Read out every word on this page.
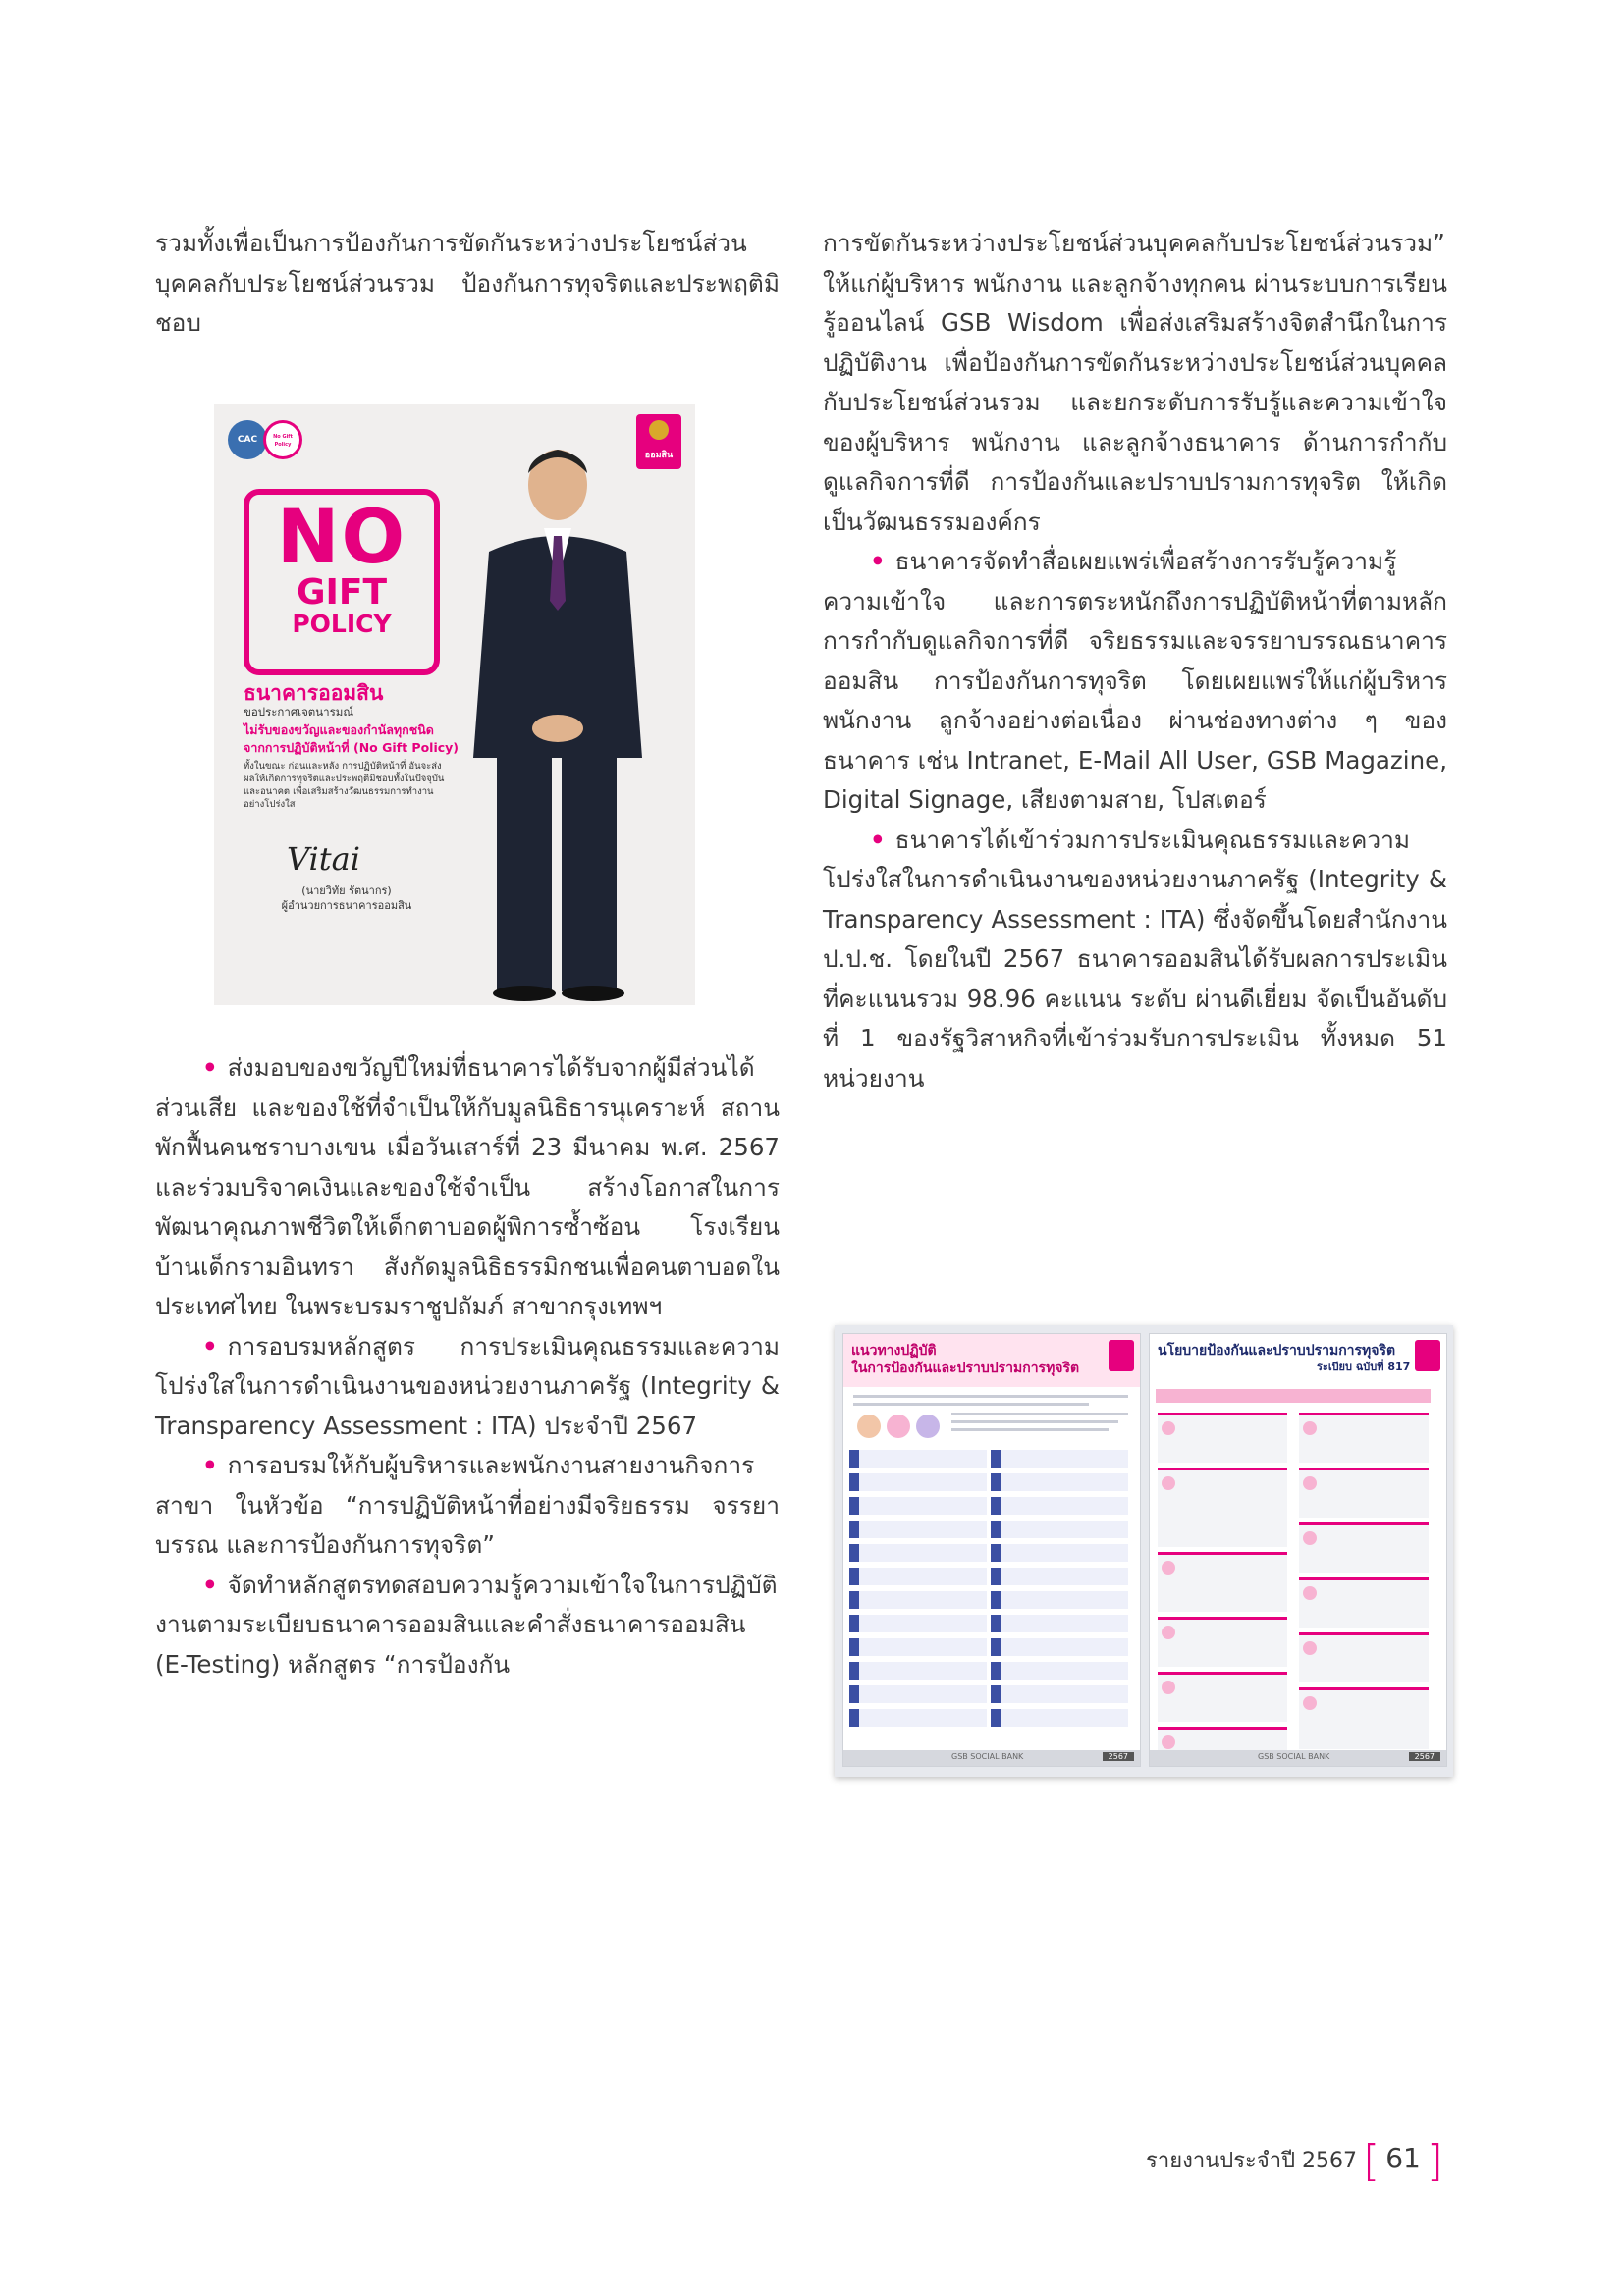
รวมทั้งเพื่อเป็นการป้องกันการขัดกันระหว่างประโยชน์ส่วนบุคคลกับประโยชน์ส่วนรวม ป้องกันการทุจริตและประพฤติมิชอบ

CAC	No Gift Policy
ออมสิน
NO
GIFT
POLICY
ธนาคารออมสิน
ขอประกาศเจตนารมณ์
ไม่รับของขวัญและของกำนัลทุกชนิด
จากการปฏิบัติหน้าที่ (No Gift Policy)
ทั้งในขณะ ก่อนและหลัง การปฏิบัติหน้าที่ อันจะส่งผลให้เกิดการทุจริตและประพฤติมิชอบทั้งในปัจจุบันและอนาคต เพื่อเสริมสร้างวัฒนธรรมการทำงานอย่างโปร่งใส
Vitai
(นายวิทัย รัตนากร)
ผู้อำนวยการธนาคารออมสิน

• ส่งมอบของขวัญปีใหม่ที่ธนาคารได้รับจากผู้มีส่วนได้ส่วนเสีย และของใช้ที่จำเป็นให้กับมูลนิธิธารนุเคราะห์ สถานพักฟื้นคนชราบางเขน เมื่อวันเสาร์ที่ 23 มีนาคม พ.ศ. 2567 และร่วมบริจาคเงินและของใช้จำเป็น สร้างโอกาสในการพัฒนาคุณภาพชีวิตให้เด็กตาบอดผู้พิการซ้ำซ้อน โรงเรียนบ้านเด็กรามอินทรา สังกัดมูลนิธิธรรมิกชนเพื่อคนตาบอดในประเทศไทย ในพระบรมราชูปถัมภ์ สาขากรุงเทพฯ

• การอบรมหลักสูตร การประเมินคุณธรรมและความโปร่งใสในการดำเนินงานของหน่วยงานภาครัฐ (Integrity & Transparency Assessment : ITA) ประจำปี 2567

• การอบรมให้กับผู้บริหารและพนักงานสายงานกิจการสาขา ในหัวข้อ “การปฏิบัติหน้าที่อย่างมีจริยธรรม จรรยาบรรณ และการป้องกันการทุจริต”

• จัดทำหลักสูตรทดสอบความรู้ความเข้าใจในการปฏิบัติงานตามระเบียบธนาคารออมสินและคำสั่งธนาคารออมสิน (E-Testing) หลักสูตร “การป้องกัน

การขัดกันระหว่างประโยชน์ส่วนบุคคลกับประโยชน์ส่วนรวม” ให้แก่ผู้บริหาร พนักงาน และลูกจ้างทุกคน ผ่านระบบการเรียนรู้ออนไลน์ GSB Wisdom เพื่อส่งเสริมสร้างจิตสำนึกในการปฏิบัติงาน เพื่อป้องกันการขัดกันระหว่างประโยชน์ส่วนบุคคลกับประโยชน์ส่วนรวม และยกระดับการรับรู้และความเข้าใจของผู้บริหาร พนักงาน และลูกจ้างธนาคาร ด้านการกำกับดูแลกิจการที่ดี การป้องกันและปราบปรามการทุจริต ให้เกิดเป็นวัฒนธรรมองค์กร

• ธนาคารจัดทำสื่อเผยแพร่เพื่อสร้างการรับรู้ความรู้ความเข้าใจ และการตระหนักถึงการปฏิบัติหน้าที่ตามหลักการกำกับดูแลกิจการที่ดี จริยธรรมและจรรยาบรรณธนาคารออมสิน การป้องกันการทุจริต โดยเผยแพร่ให้แก่ผู้บริหาร พนักงาน ลูกจ้างอย่างต่อเนื่อง ผ่านช่องทางต่าง ๆ ของธนาคาร เช่น Intranet, E-Mail All User, GSB Magazine, Digital Signage, เสียงตามสาย, โปสเตอร์

• ธนาคารได้เข้าร่วมการประเมินคุณธรรมและความโปร่งใสในการดำเนินงานของหน่วยงานภาครัฐ (Integrity & Transparency Assessment : ITA) ซึ่งจัดขึ้นโดยสำนักงาน ป.ป.ช. โดยในปี 2567 ธนาคารออมสินได้รับผลการประเมินที่คะแนนรวม 98.96 คะแนน ระดับ ผ่านดีเยี่ยม จัดเป็นอันดับที่ 1 ของรัฐวิสาหกิจที่เข้าร่วมรับการประเมิน ทั้งหมด 51 หน่วยงาน

แนวทางปฏิบัติ
ในการป้องกันและปราบปรามการทุจริต
GSB SOCIAL BANK	2567
นโยบายป้องกันและปราบปรามการทุจริต
ระเบียบ ฉบับที่ 817
GSB SOCIAL BANK	2567
รายงานประจำปี 2567 [ 61 ]
